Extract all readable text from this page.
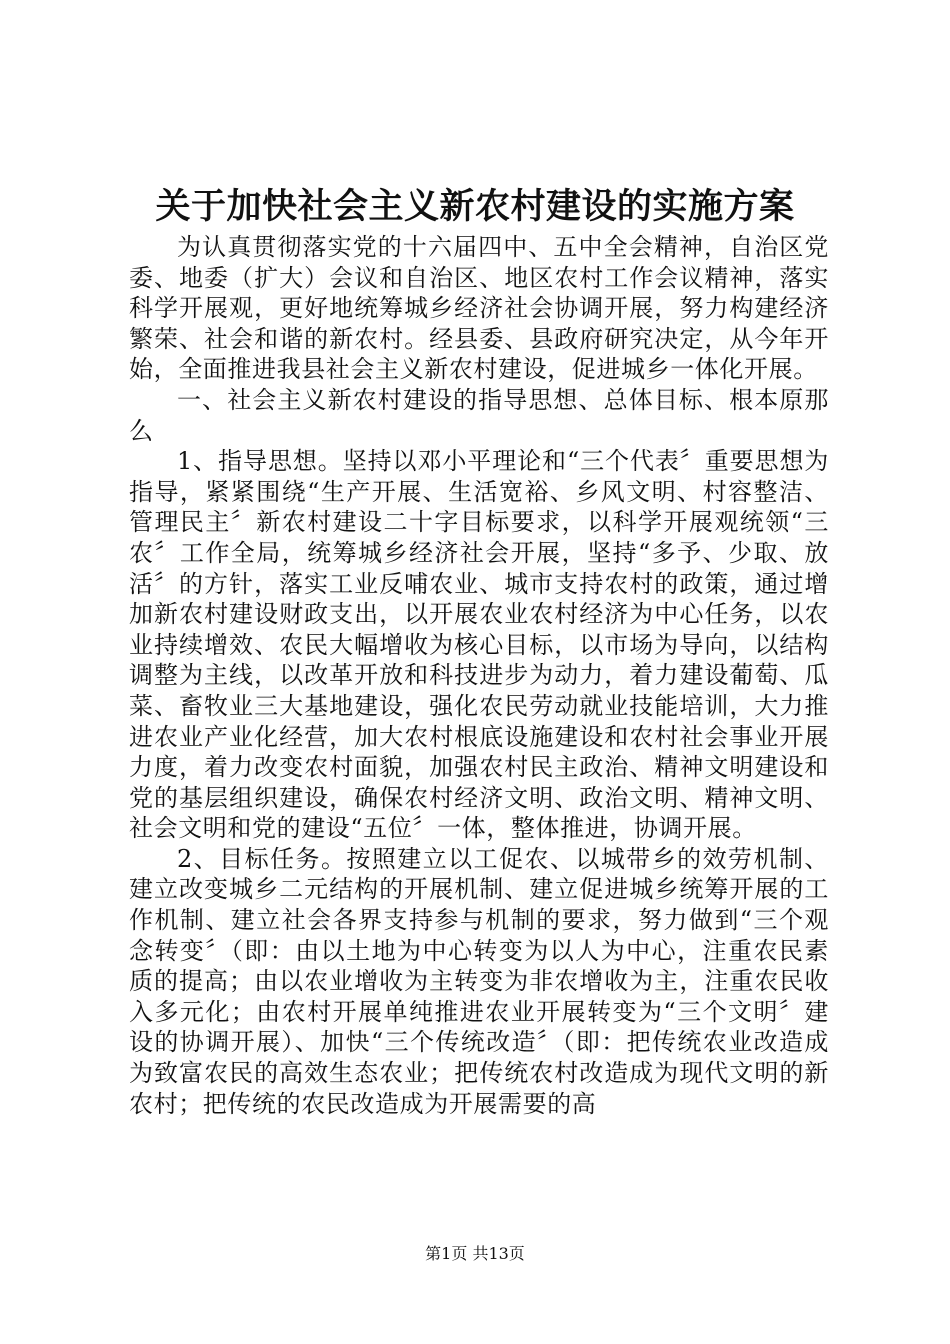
关于加快社会主义新农村建设的实施方案

为认真贯彻落实党的十六届四中、五中全会精神，自治区党委、地委（扩大）会议和自治区、地区农村工作会议精神，落实科学开展观，更好地统筹城乡经济社会协调开展，努力构建经济繁荣、社会和谐的新农村。经县委、县政府研究决定，从今年开始，全面推进我县社会主义新农村建设，促进城乡一体化开展。

一、社会主义新农村建设的指导思想、总体目标、根本原那么

1、指导思想。坚持以邓小平理论和“三个代表〞重要思想为指导，紧紧围绕“生产开展、生活宽裕、乡风文明、村容整洁、管理民主〞新农村建设二十字目标要求，以科学开展观统领“三农〞工作全局，统筹城乡经济社会开展，坚持“多予、少取、放活〞的方针，落实工业反哺农业、城市支持农村的政策，通过增加新农村建设财政支出，以开展农业农村经济为中心任务，以农业持续增效、农民大幅增收为核心目标，以市场为导向，以结构调整为主线，以改革开放和科技进步为动力，着力建设葡萄、瓜菜、畜牧业三大基地建设，强化农民劳动就业技能培训，大力推进农业产业化经营，加大农村根底设施建设和农村社会事业开展力度，着力改变农村面貌，加强农村民主政治、精神文明建设和党的基层组织建设，确保农村经济文明、政治文明、精神文明、社会文明和党的建设“五位〞一体，整体推进，协调开展。

2、目标任务。按照建立以工促农、以城带乡的效劳机制、建立改变城乡二元结构的开展机制、建立促进城乡统筹开展的工作机制、建立社会各界支持参与机制的要求，努力做到“三个观念转变〞（即：由以土地为中心转变为以人为中心，注重农民素质的提高；由以农业增收为主转变为非农增收为主，注重农民收入多元化；由农村开展单纯推进农业开展转变为“三个文明〞建设的协调开展）、加快“三个传统改造〞（即：把传统农业改造成为致富农民的高效生态农业；把传统农村改造成为现代文明的新农村；把传统的农民改造成为开展需要的高

第1页 共13页
